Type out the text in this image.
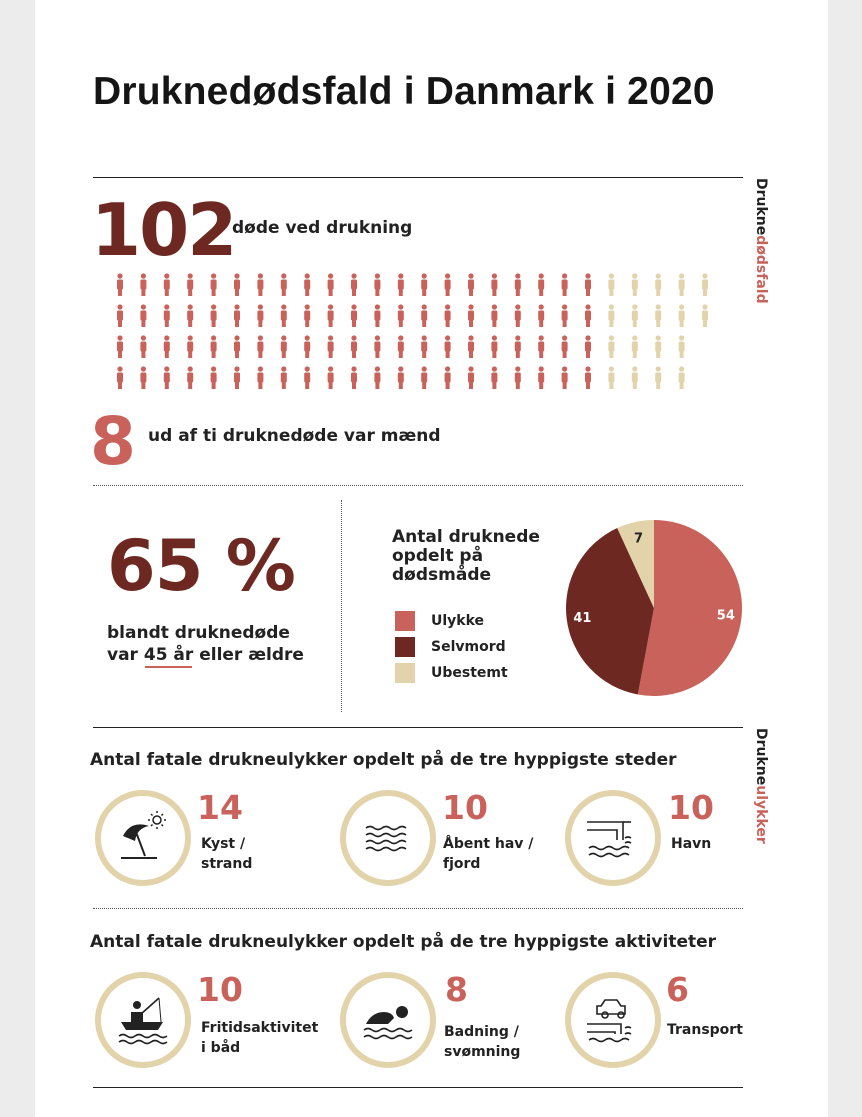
Druknedødsfald i Danmark i 2020
Druknedødsfald
102
døde ved drukning
8 ud af ti druknedøde var mænd
65 %
blandt druknedøde
var 45 år eller ældre
Antal druknede opdelt på dødsmåde
Ulykke
Selvmord
Ubestemt
54
41
7
Drukneulykker
Antal fatale drukneulykker opdelt på de tre hyppigste steder
14
Kyst /
strand
10
Åbent hav /
fjord
10
Havn
Antal fatale drukneulykker opdelt på de tre hyppigste aktiviteter
10
Fritidsaktivitet
i båd
8
Badning /
svømning
6
Transport
